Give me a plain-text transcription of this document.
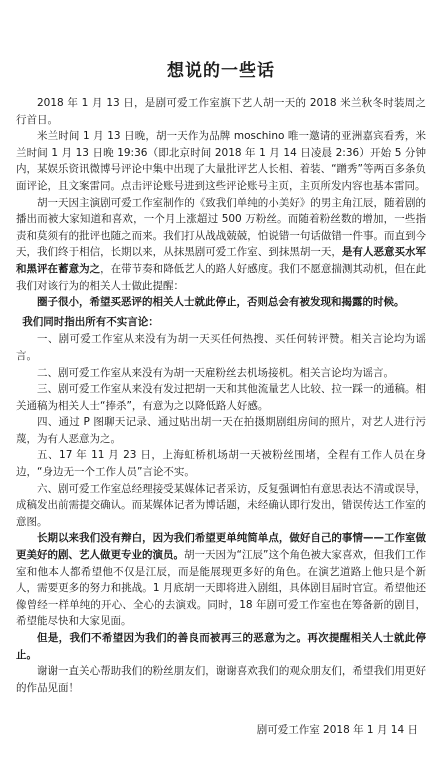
想说的一些话

2018 年 1 月 13 日，是剧可爱工作室旗下艺人胡一天的 2018 米兰秋冬时装周之行首日。

米兰时间 1 月 13 日晚，胡一天作为品牌 moschino 唯一邀请的亚洲嘉宾看秀，米兰时间 1 月 13 日晚 19:36（即北京时间 2018 年 1 月 14 日凌晨 2:36）开始 5 分钟内，某娱乐资讯微博号评论中集中出现了大量批评艺人长相、着装、“蹭秀”等两百多条负面评论，且文案雷同。点击评论账号进到这些评论账号主页，主页所发内容也基本雷同。

胡一天因主演剧可爱工作室制作的《致我们单纯的小美好》的男主角江辰，随着剧的播出而被大家知道和喜欢，一个月上涨超过 500 万粉丝。而随着粉丝数的增加，一些指责和莫须有的批评也随之而来。我们打从战战兢兢，怕说错一句话做错一件事。而直到今天，我们终于相信，长期以来，从抹黑剧可爱工作室、到抹黑胡一天，是有人恶意买水军和黑评在蓄意为之，在带节奏和降低艺人的路人好感度。我们不愿意揣测其动机，但在此我们对该行为的相关人士做此提醒：

圈子很小，希望买恶评的相关人士就此停止，否则总会有被发现和揭露的时候。

我们同时指出所有不实言论：

一、剧可爱工作室从来没有为胡一天买任何热搜、买任何转评赞。相关言论均为谣言。

二、剧可爱工作室从来没有为胡一天雇粉丝去机场接机。相关言论均为谣言。

三、剧可爱工作室从来没有发过把胡一天和其他流量艺人比较、拉一踩一的通稿。相关通稿为相关人士“捧杀”，有意为之以降低路人好感。

四、通过 P 图聊天记录、通过贴出胡一天在拍摄期剧组房间的照片，对艺人进行污蔑，为有人恶意为之。

五、17 年 11 月 23 日，上海虹桥机场胡一天被粉丝围堵，全程有工作人员在身边，“身边无一个工作人员”言论不实。

六、剧可爱工作室总经理接受某媒体记者采访，反复强调怕有意思表达不清或误导，成稿发出前需提交确认。而某媒体记者为博话题，未经确认即行发出，错误传达工作室的意图。

长期以来我们没有辩白，因为我们希望更单纯简单点，做好自己的事情——工作室做更美好的剧、艺人做更专业的演员。胡一天因为“江辰”这个角色被大家喜欢，但我们工作室和他本人都希望他不仅是江辰，而是能展现更多好的角色。在演艺道路上他只是个新人，需要更多的努力和挑战。1 月底胡一天即将进入剧组，具体剧目届时官宣。希望他还像曾经一样单纯的开心、全心的去演戏。同时，18 年剧可爱工作室也在筹备新的剧目，希望能尽快和大家见面。

但是，我们不希望因为我们的善良而被再三的恶意为之。再次提醒相关人士就此停止。

谢谢一直关心帮助我们的粉丝朋友们，谢谢喜欢我们的观众朋友们，希望我们用更好的作品见面！

剧可爱工作室 2018 年 1 月 14 日
